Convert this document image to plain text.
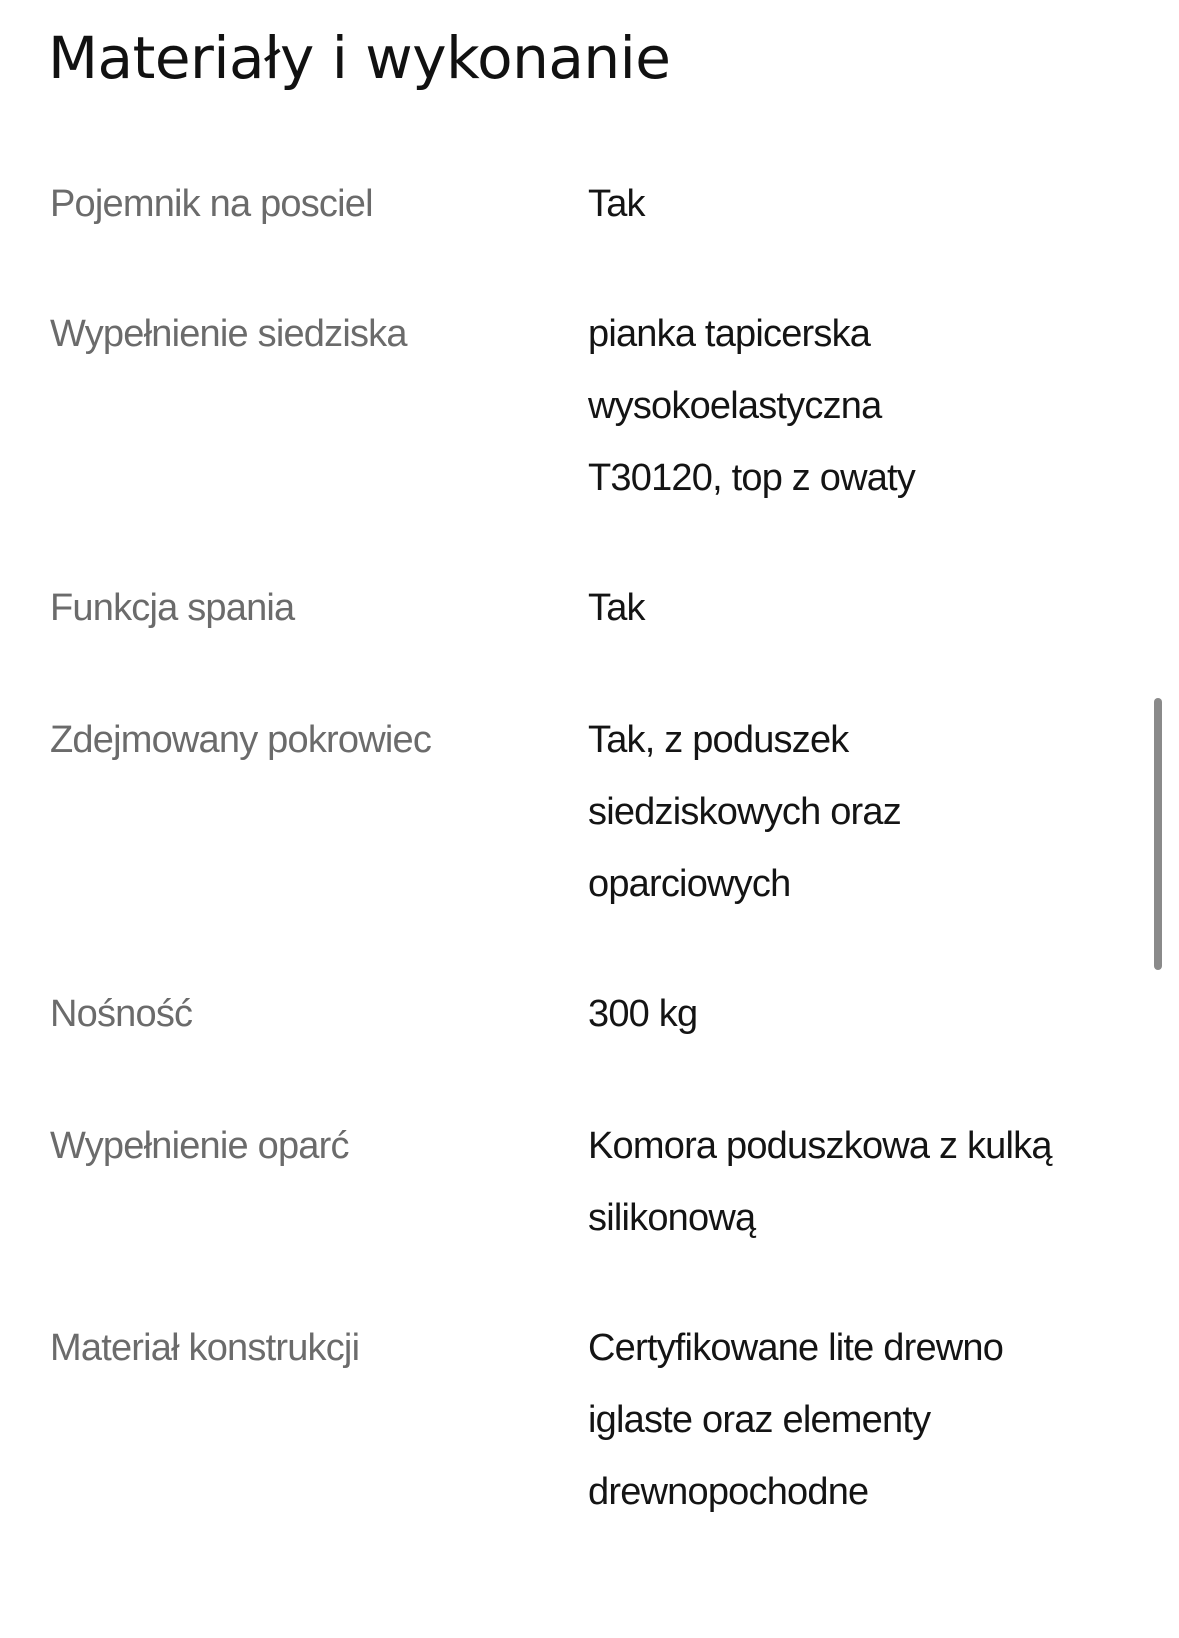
Materiały i wykonanie
Pojemnik na posciel	Tak
Wypełnienie siedziska	pianka tapicerska
wysokoelastyczna
T30120, top z owaty
Funkcja spania	Tak
Zdejmowany pokrowiec	Tak, z poduszek
siedziskowych oraz
oparciowych
Nośność	300 kg
Wypełnienie oparć	Komora poduszkowa z kulką
silikonową
Materiał konstrukcji	Certyfikowane lite drewno
iglaste oraz elementy
drewnopochodne
